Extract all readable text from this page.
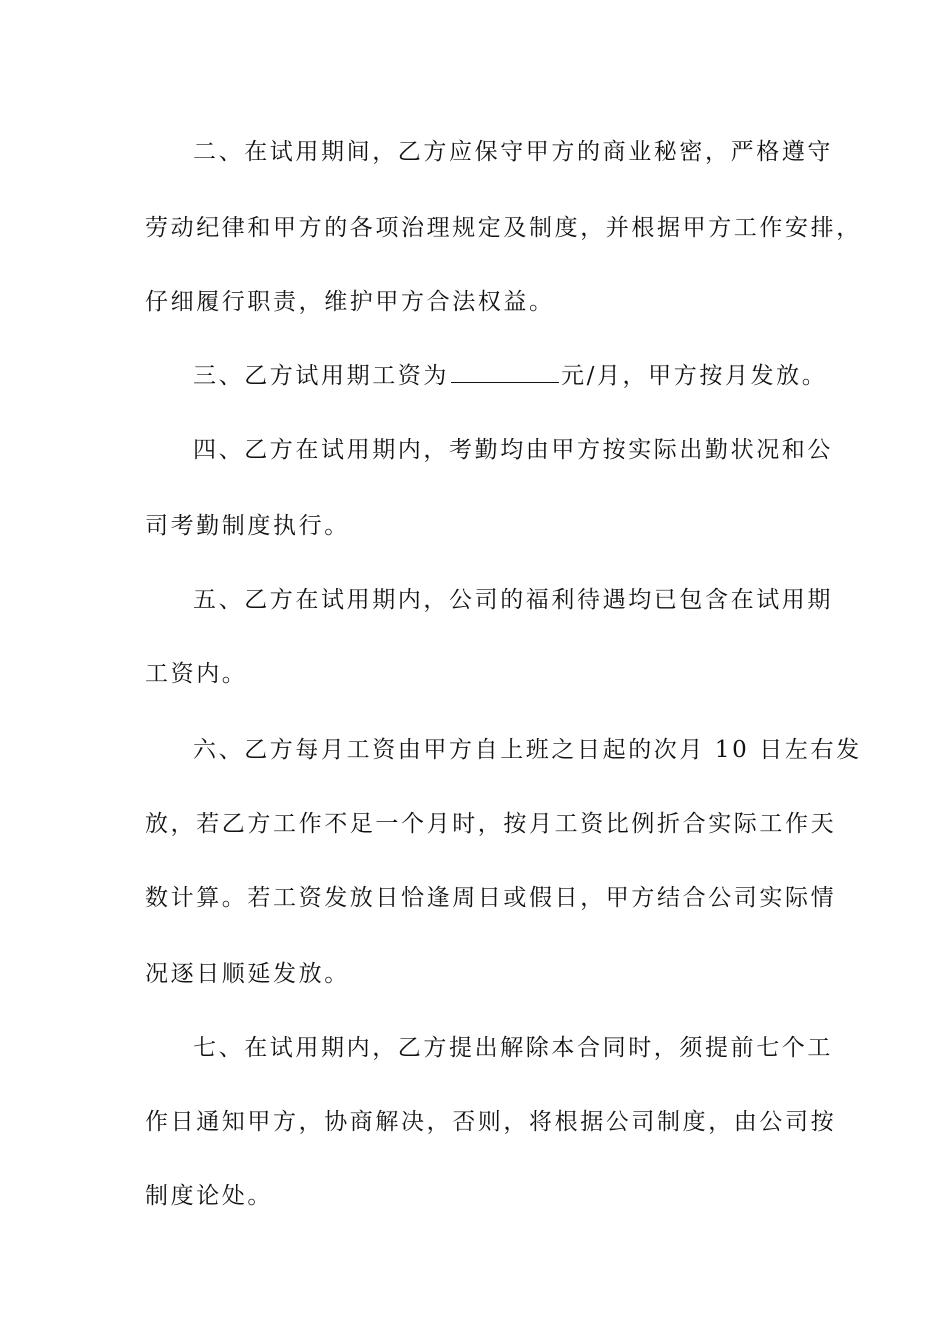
二、在试用期间，乙方应保守甲方的商业秘密，严格遵守
劳动纪律和甲方的各项治理规定及制度，并根据甲方工作安排，
仔细履行职责，维护甲方合法权益。
三、乙方试用期工资为	元/月，甲方按月发放。
四、乙方在试用期内，考勤均由甲方按实际出勤状况和公
司考勤制度执行。
五、乙方在试用期内，公司的福利待遇均已包含在试用期
工资内。
六、乙方每月工资由甲方自上班之日起的次月 10 日左右发
放，若乙方工作不足一个月时，按月工资比例折合实际工作天
数计算。若工资发放日恰逢周日或假日，甲方结合公司实际情
况逐日顺延发放。
七、在试用期内，乙方提出解除本合同时，须提前七个工
作日通知甲方，协商解决，否则，将根据公司制度，由公司按
制度论处。
